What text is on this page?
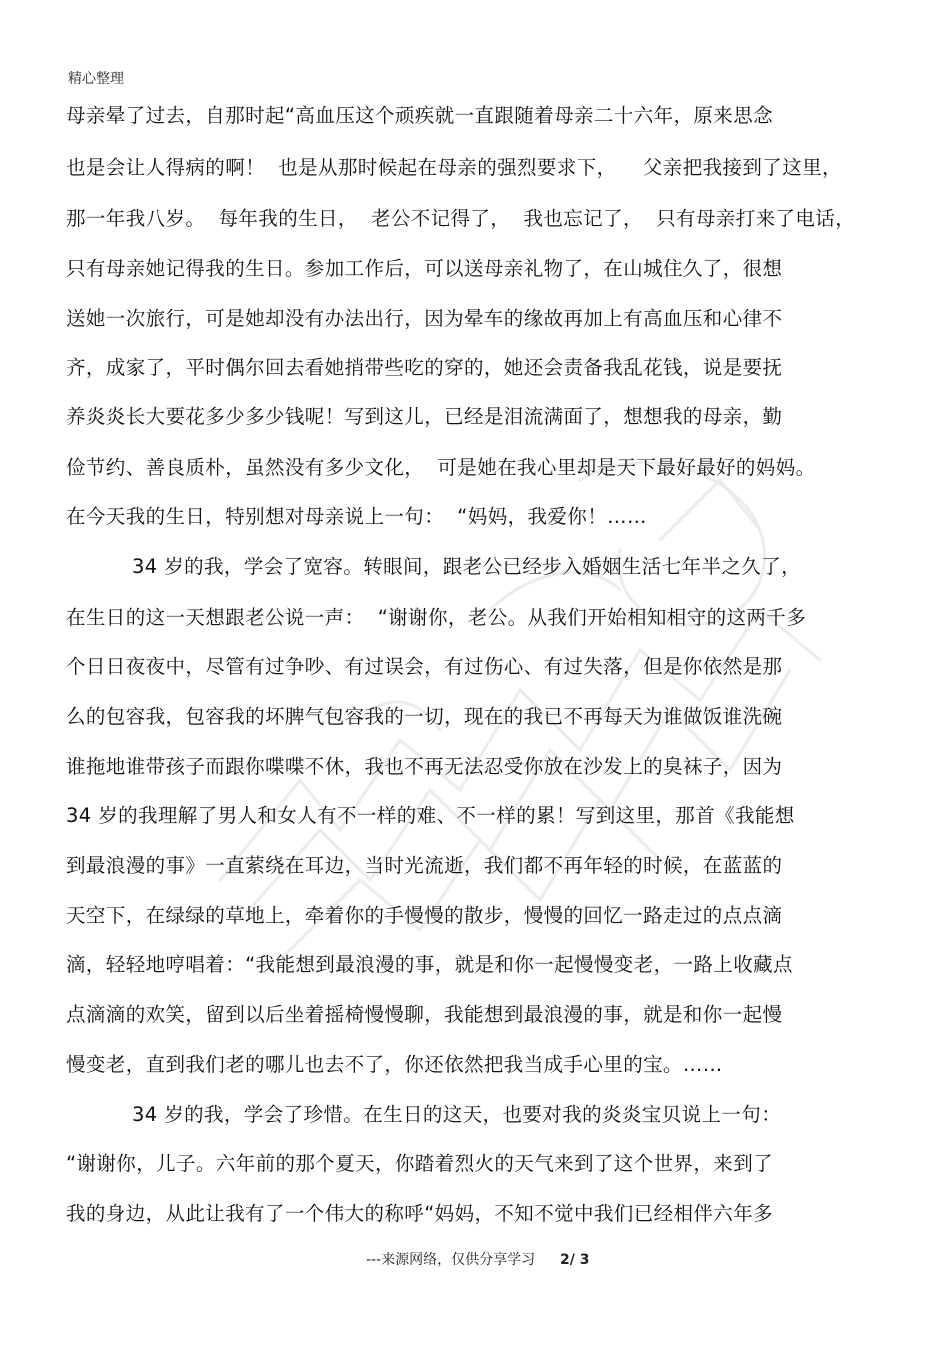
精心整理
母亲晕了过去，自那时起“高血压这个顽疾就一直跟随着母亲二十六年，原来思念
也是会让人得病的啊！  也是从那时候起在母亲的强烈要求下，    父亲把我接到了这里，
那一年我八岁。  每年我的生日，  老公不记得了，  我也忘记了，  只有母亲打来了电话，
只有母亲她记得我的生日。参加工作后，可以送母亲礼物了，在山城住久了，很想
送她一次旅行，可是她却没有办法出行，因为晕车的缘故再加上有高血压和心律不
齐，成家了，平时偶尔回去看她捎带些吃的穿的，她还会责备我乱花钱，说是要抚
养炎炎长大要花多少多少钱呢！写到这儿，已经是泪流满面了，想想我的母亲，勤
俭节约、善良质朴，虽然没有多少文化，  可是她在我心里却是天下最好最好的妈妈。
在今天我的生日，特别想对母亲说上一句：  “妈妈，我爱你！……
34 岁的我，学会了宽容。转眼间，跟老公已经步入婚姻生活七年半之久了，
在生日的这一天想跟老公说一声：  “谢谢你，老公。从我们开始相知相守的这两千多
个日日夜夜中，尽管有过争吵、有过误会，有过伤心、有过失落，但是你依然是那
么的包容我，包容我的坏脾气包容我的一切，现在的我已不再每天为谁做饭谁洗碗
谁拖地谁带孩子而跟你喋喋不休，我也不再无法忍受你放在沙发上的臭袜子，因为
34 岁的我理解了男人和女人有不一样的难、不一样的累！写到这里，那首《我能想
到最浪漫的事》一直萦绕在耳边，当时光流逝，我们都不再年轻的时候，在蓝蓝的
天空下，在绿绿的草地上，牵着你的手慢慢的散步，慢慢的回忆一路走过的点点滴
滴，轻轻地哼唱着：“我能想到最浪漫的事，就是和你一起慢慢变老，一路上收藏点
点滴滴的欢笑，留到以后坐着摇椅慢慢聊，我能想到最浪漫的事，就是和你一起慢
慢变老，直到我们老的哪儿也去不了，你还依然把我当成手心里的宝。……
34 岁的我，学会了珍惜。在生日的这天，也要对我的炎炎宝贝说上一句：
“谢谢你，儿子。六年前的那个夏天，你踏着烈火的天气来到了这个世界，来到了
我的身边，从此让我有了一个伟大的称呼“妈妈，不知不觉中我们已经相伴六年多
---来源网络，仅供分享学习 2/ 3
